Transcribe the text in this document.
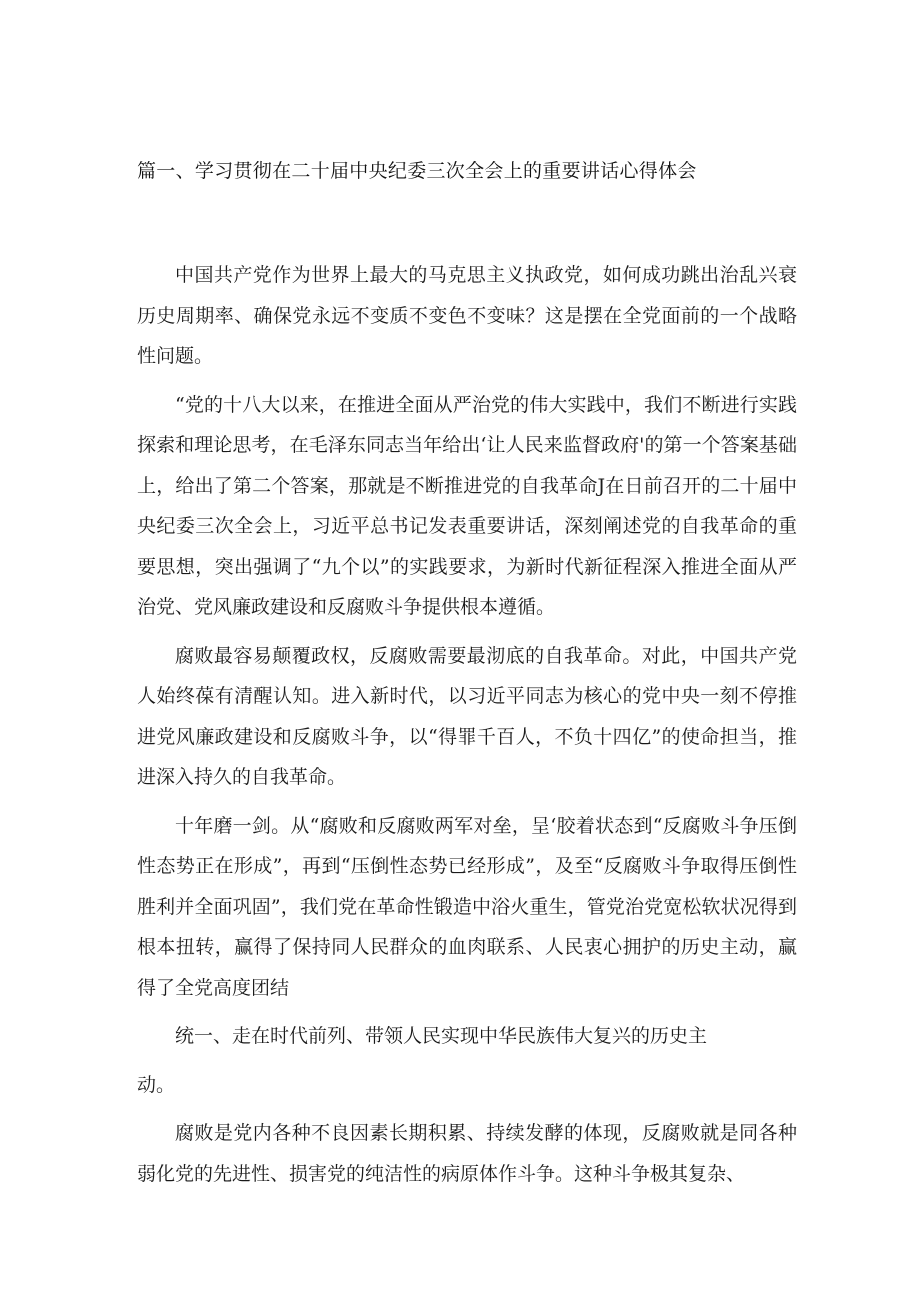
篇一、学习贯彻在二十届中央纪委三次全会上的重要讲话心得体会

中国共产党作为世界上最大的马克思主义执政党，如何成功跳出治乱兴衰历史周期率、确保党永远不变质不变色不变味？这是摆在全党面前的一个战略性问题。

“党的十八大以来，在推进全面从严治党的伟大实践中，我们不断进行实践探索和理论思考，在毛泽东同志当年给出‘让人民来监督政府'的第一个答案基础上，给出了第二个答案，那就是不断推进党的自我革命J在日前召开的二十届中央纪委三次全会上，习近平总书记发表重要讲话，深刻阐述党的自我革命的重要思想，突出强调了“九个以”的实践要求，为新时代新征程深入推进全面从严治党、党风廉政建设和反腐败斗争提供根本遵循。

腐败最容易颠覆政权，反腐败需要最沏底的自我革命。对此，中国共产党人始终葆有清醒认知。进入新时代，以习近平同志为核心的党中央一刻不停推进党风廉政建设和反腐败斗争，以“得罪千百人，不负十四亿”的使命担当，推进深入持久的自我革命。

十年磨一剑。从“腐败和反腐败两军对垒，呈‘胶着状态到“反腐败斗争压倒性态势正在形成”，再到“压倒性态势已经形成”，及至“反腐败斗争取得压倒性胜利并全面巩固”，我们党在革命性锻造中浴火重生，管党治党宽松软状况得到根本扭转，赢得了保持同人民群众的血肉联系、人民衷心拥护的历史主动，赢得了全党高度团结

统一、走在时代前列、带领人民实现中华民族伟大复兴的历史主

动。

腐败是党内各种不良因素长期积累、持续发酵的体现，反腐败就是同各种弱化党的先进性、损害党的纯洁性的病原体作斗争。这种斗争极其复杂、
